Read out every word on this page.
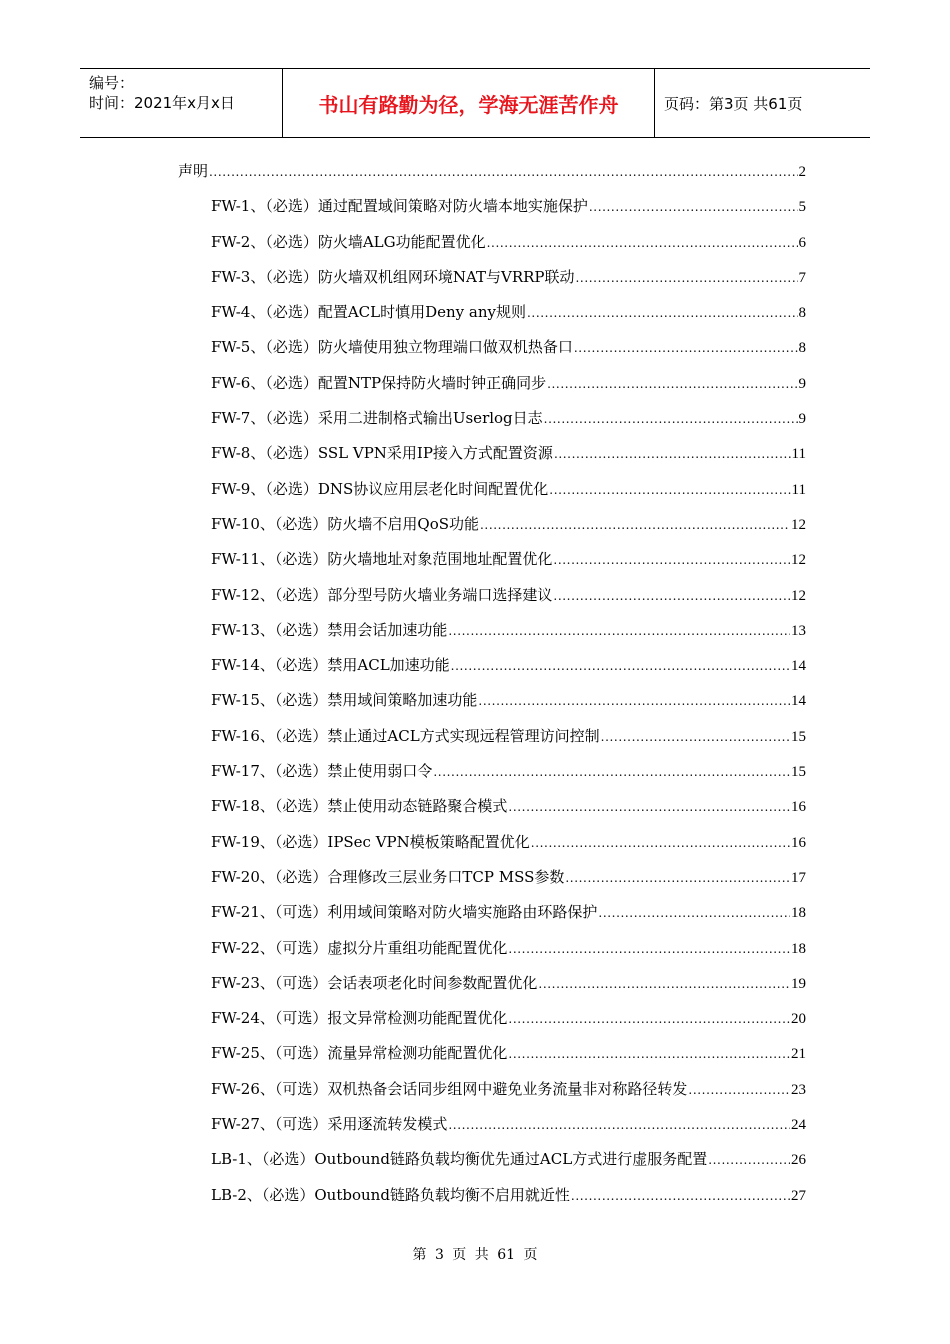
编号：
时间：2021年x月x日	书山有路勤为径，学海无涯苦作舟	页码：第3页 共61页
声明 .....	2
FW-1、（必选）通过配置域间策略对防火墙本地实施保护 .....	5
FW-2、（必选）防火墙ALG功能配置优化 .....	6
FW-3、（必选）防火墙双机组网环境NAT与VRRP联动 .....	7
FW-4、（必选）配置ACL时慎用Deny any规则 .....	8
FW-5、（必选）防火墙使用独立物理端口做双机热备口 .....	8
FW-6、（必选）配置NTP保持防火墙时钟正确同步 .....	9
FW-7、（必选）采用二进制格式输出Userlog日志 .....	9
FW-8、（必选）SSL VPN采用IP接入方式配置资源 .....	11
FW-9、（必选）DNS协议应用层老化时间配置优化 .....	11
FW-10、（必选）防火墙不启用QoS功能 .....	12
FW-11、（必选）防火墙地址对象范围地址配置优化 .....	12
FW-12、（必选）部分型号防火墙业务端口选择建议 .....	12
FW-13、（必选）禁用会话加速功能 .....	13
FW-14、（必选）禁用ACL加速功能 .....	14
FW-15、（必选）禁用域间策略加速功能 .....	14
FW-16、（必选）禁止通过ACL方式实现远程管理访问控制 .....	15
FW-17、（必选）禁止使用弱口令 .....	15
FW-18、（必选）禁止使用动态链路聚合模式 .....	16
FW-19、（必选）IPSec VPN模板策略配置优化 .....	16
FW-20、（必选）合理修改三层业务口TCP MSS参数 .....	17
FW-21、（可选）利用域间策略对防火墙实施路由环路保护 .....	18
FW-22、（可选）虚拟分片重组功能配置优化 .....	18
FW-23、（可选）会话表项老化时间参数配置优化 .....	19
FW-24、（可选）报文异常检测功能配置优化 .....	20
FW-25、（可选）流量异常检测功能配置优化 .....	21
FW-26、（可选）双机热备会话同步组网中避免业务流量非对称路径转发 .....	23
FW-27、（可选）采用逐流转发模式 .....	24
LB-1、（必选）Outbound链路负载均衡优先通过ACL方式进行虚服务配置 .....	26
LB-2、（必选）Outbound链路负载均衡不启用就近性 .....	27
第 3 页 共 61 页
